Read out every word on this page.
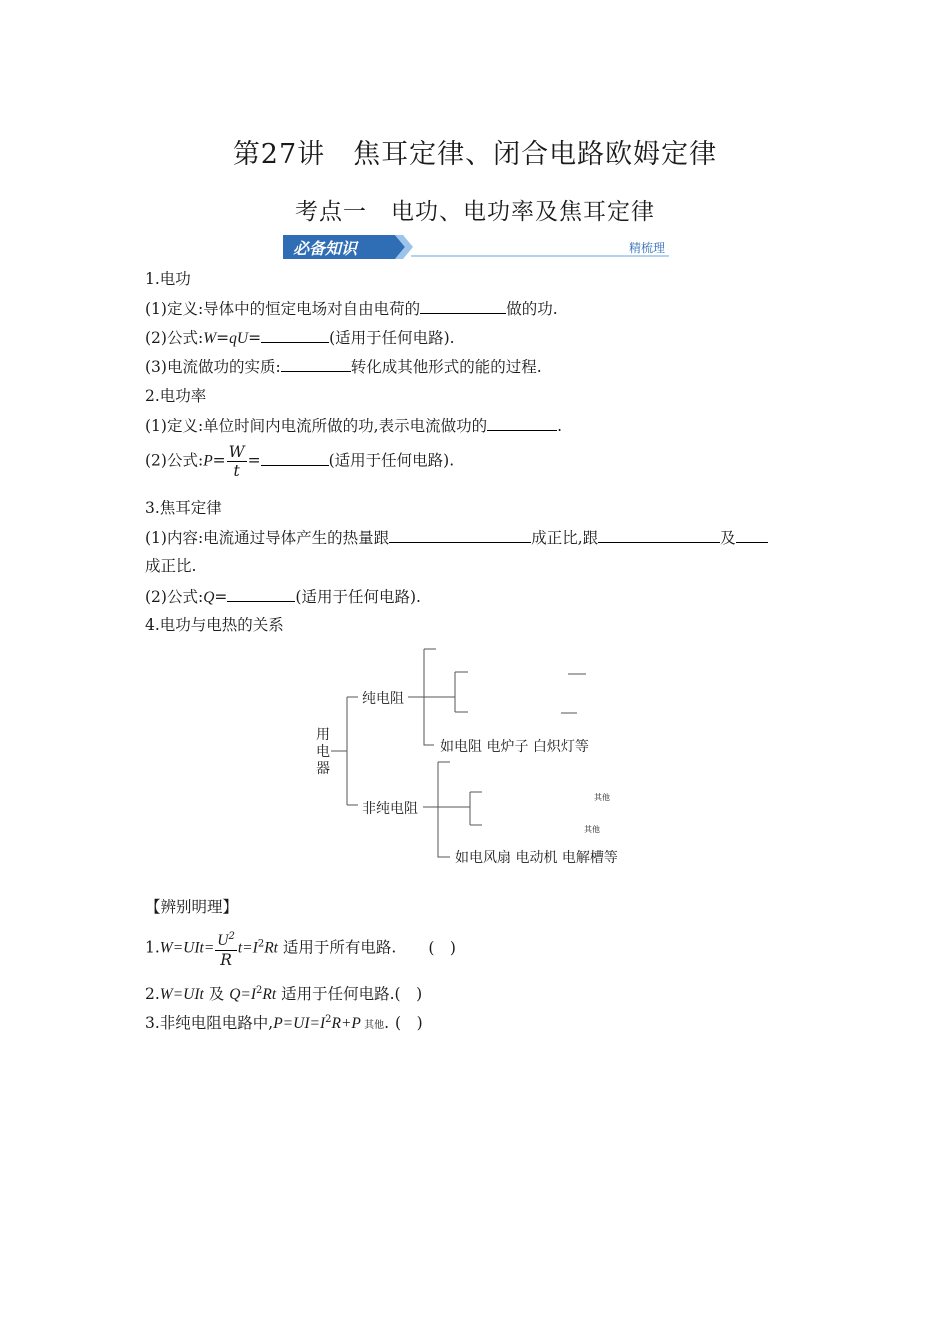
第27讲　焦耳定律、闭合电路欧姆定律
考点一　电功、电功率及焦耳定律
必备知识	精梳理
1.电功
(1)定义:导体中的恒定电场对自由电荷的	做的功.
(2)公式:W=qU=	(适用于任何电路).
(3)电流做功的实质:	转化成其他形式的能的过程.
2.电功率
(1)定义:单位时间内电流所做的功,表示电流做功的	.
(2)公式:P= $\frac{W}{t}$ =	(适用于任何电路).
3.焦耳定律
(1)内容:电流通过导体产生的热量跟	成正比,跟	及
成正比.
(2)公式:Q=	(适用于任何电路).
4.电功与电热的关系
用电器
纯电阻
如电阻 电炉子 白炽灯等
非纯电阻
如电风扇 电动机 电解槽等
其他
其他
【辨别明理】
$1.W=UIt= \frac{U^2}{R} t=I^2Rt$ 适用于所有电路. (　)
2.W=UIt 及 $Q=I^2Rt$ 适用于任何电路.(　)
3.非纯电阻电路中$,P=UI=I^2R+P$ 其他. (　)
